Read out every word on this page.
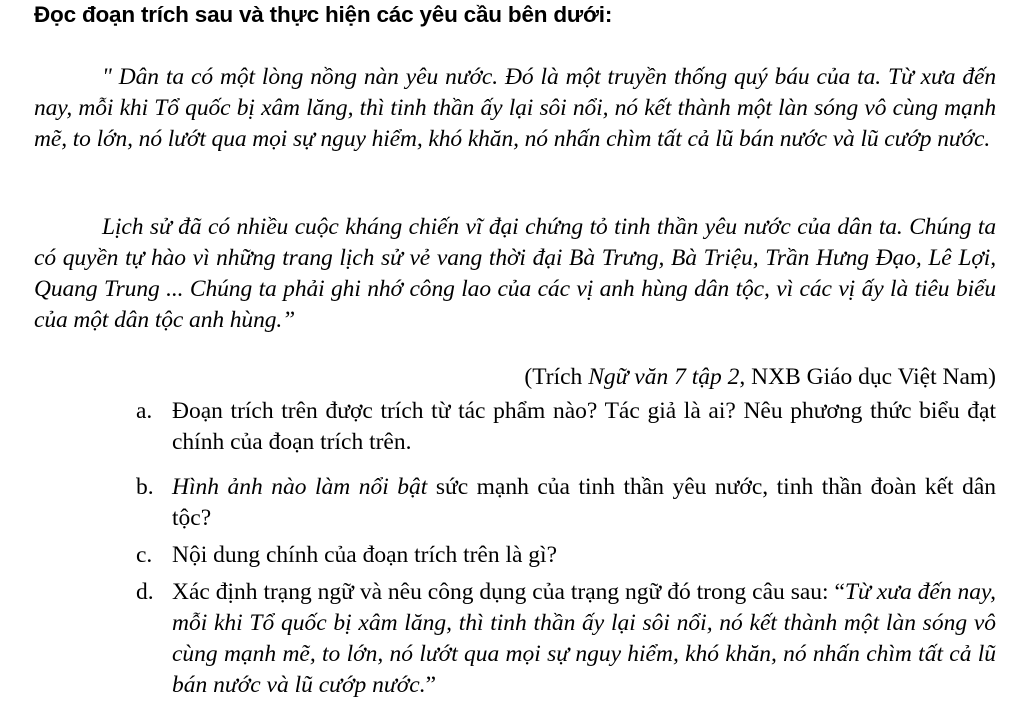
Đọc đoạn trích sau và thực hiện các yêu cầu bên dưới:
" Dân ta có một lòng nồng nàn yêu nước. Đó là một truyền thống quý báu của ta. Từ xưa đến nay, mỗi khi Tổ quốc bị xâm lăng, thì tinh thần ấy lại sôi nổi, nó kết thành một làn sóng vô cùng mạnh mẽ, to lớn, nó lướt qua mọi sự nguy hiểm, khó khăn, nó nhấn chìm tất cả lũ bán nước và lũ cướp nước.
Lịch sử đã có nhiều cuộc kháng chiến vĩ đại chứng tỏ tinh thần yêu nước của dân ta. Chúng ta có quyền tự hào vì những trang lịch sử vẻ vang thời đại Bà Trưng, Bà Triệu, Trần Hưng Đạo, Lê Lợi, Quang Trung ... Chúng ta phải ghi nhớ công lao của các vị anh hùng dân tộc, vì các vị ấy là tiêu biểu của một dân tộc anh hùng.”
(Trích Ngữ văn 7 tập 2, NXB Giáo dục Việt Nam)
a. Đoạn trích trên được trích từ tác phẩm nào? Tác giả là ai? Nêu phương thức biểu đạt chính của đoạn trích trên.
b. Hình ảnh nào làm nổi bật sức mạnh của tinh thần yêu nước, tinh thần đoàn kết dân tộc?
c. Nội dung chính của đoạn trích trên là gì?
d. Xác định trạng ngữ và nêu công dụng của trạng ngữ đó trong câu sau: “Từ xưa đến nay, mỗi khi Tổ quốc bị xâm lăng, thì tinh thần ấy lại sôi nổi, nó kết thành một làn sóng vô cùng mạnh mẽ, to lớn, nó lướt qua mọi sự nguy hiểm, khó khăn, nó nhấn chìm tất cả lũ bán nước và lũ cướp nước.”
